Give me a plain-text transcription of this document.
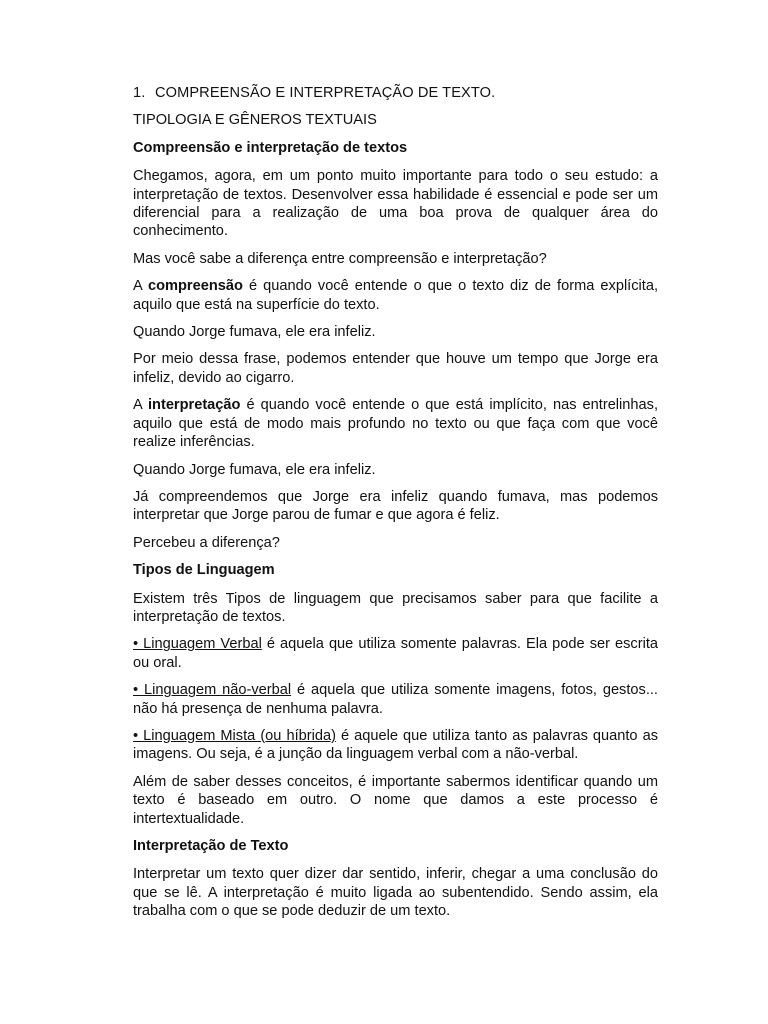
1. COMPREENSÃO E INTERPRETAÇÃO DE TEXTO.

TIPOLOGIA E GÊNEROS TEXTUAIS

Compreensão e interpretação de textos

Chegamos, agora, em um ponto muito importante para todo o seu estudo: a interpretação de textos. Desenvolver essa habilidade é essencial e pode ser um diferencial para a realização de uma boa prova de qualquer área do conhecimento.

Mas você sabe a diferença entre compreensão e interpretação?

A compreensão é quando você entende o que o texto diz de forma explícita, aquilo que está na superfície do texto.

Quando Jorge fumava, ele era infeliz.

Por meio dessa frase, podemos entender que houve um tempo que Jorge era infeliz, devido ao cigarro.

A interpretação é quando você entende o que está implícito, nas entrelinhas, aquilo que está de modo mais profundo no texto ou que faça com que você realize inferências.

Quando Jorge fumava, ele era infeliz.

Já compreendemos que Jorge era infeliz quando fumava, mas podemos interpretar que Jorge parou de fumar e que agora é feliz.

Percebeu a diferença?

Tipos de Linguagem

Existem três Tipos de linguagem que precisamos saber para que facilite a interpretação de textos.

• Linguagem Verbal é aquela que utiliza somente palavras. Ela pode ser escrita ou oral.

• Linguagem não-verbal é aquela que utiliza somente imagens, fotos, gestos... não há presença de nenhuma palavra.

• Linguagem Mista (ou híbrida) é aquele que utiliza tanto as palavras quanto as imagens. Ou seja, é a junção da linguagem verbal com a não-verbal.

Além de saber desses conceitos, é importante sabermos identificar quando um texto é baseado em outro. O nome que damos a este processo é intertextualidade.

Interpretação de Texto

Interpretar um texto quer dizer dar sentido, inferir, chegar a uma conclusão do que se lê. A interpretação é muito ligada ao subentendido. Sendo assim, ela trabalha com o que se pode deduzir de um texto.
